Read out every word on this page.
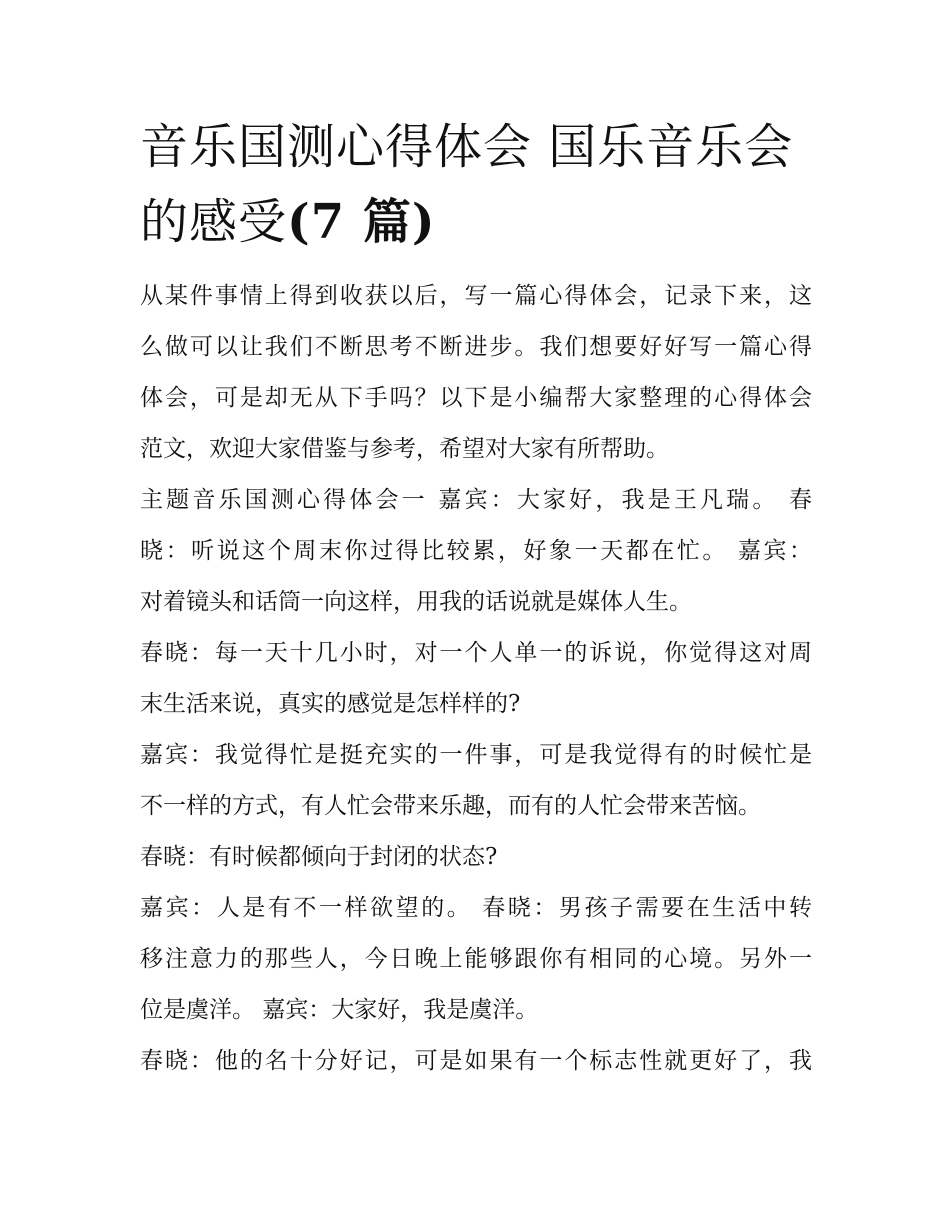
音乐国测心得体会 国乐音乐会
的感受(7 篇)

从某件事情上得到收获以后，写一篇心得体会，记录下来，这
么做可以让我们不断思考不断进步。我们想要好好写一篇心得
体会，可是却无从下手吗？以下是小编帮大家整理的心得体会
范文，欢迎大家借鉴与参考，希望对大家有所帮助。

主题音乐国测心得体会一 嘉宾：大家好，我是王凡瑞。 春
晓：听说这个周末你过得比较累，好象一天都在忙。 嘉宾：
对着镜头和话筒一向这样，用我的话说就是媒体人生。

春晓：每一天十几小时，对一个人单一的诉说，你觉得这对周
末生活来说，真实的感觉是怎样样的?

嘉宾：我觉得忙是挺充实的一件事，可是我觉得有的时候忙是
不一样的方式，有人忙会带来乐趣，而有的人忙会带来苦恼。

春晓：有时候都倾向于封闭的状态?

嘉宾：人是有不一样欲望的。 春晓：男孩子需要在生活中转
移注意力的那些人，今日晚上能够跟你有相同的心境。另外一
位是虞洋。 嘉宾：大家好，我是虞洋。

春晓：他的名十分好记，可是如果有一个标志性就更好了，我
